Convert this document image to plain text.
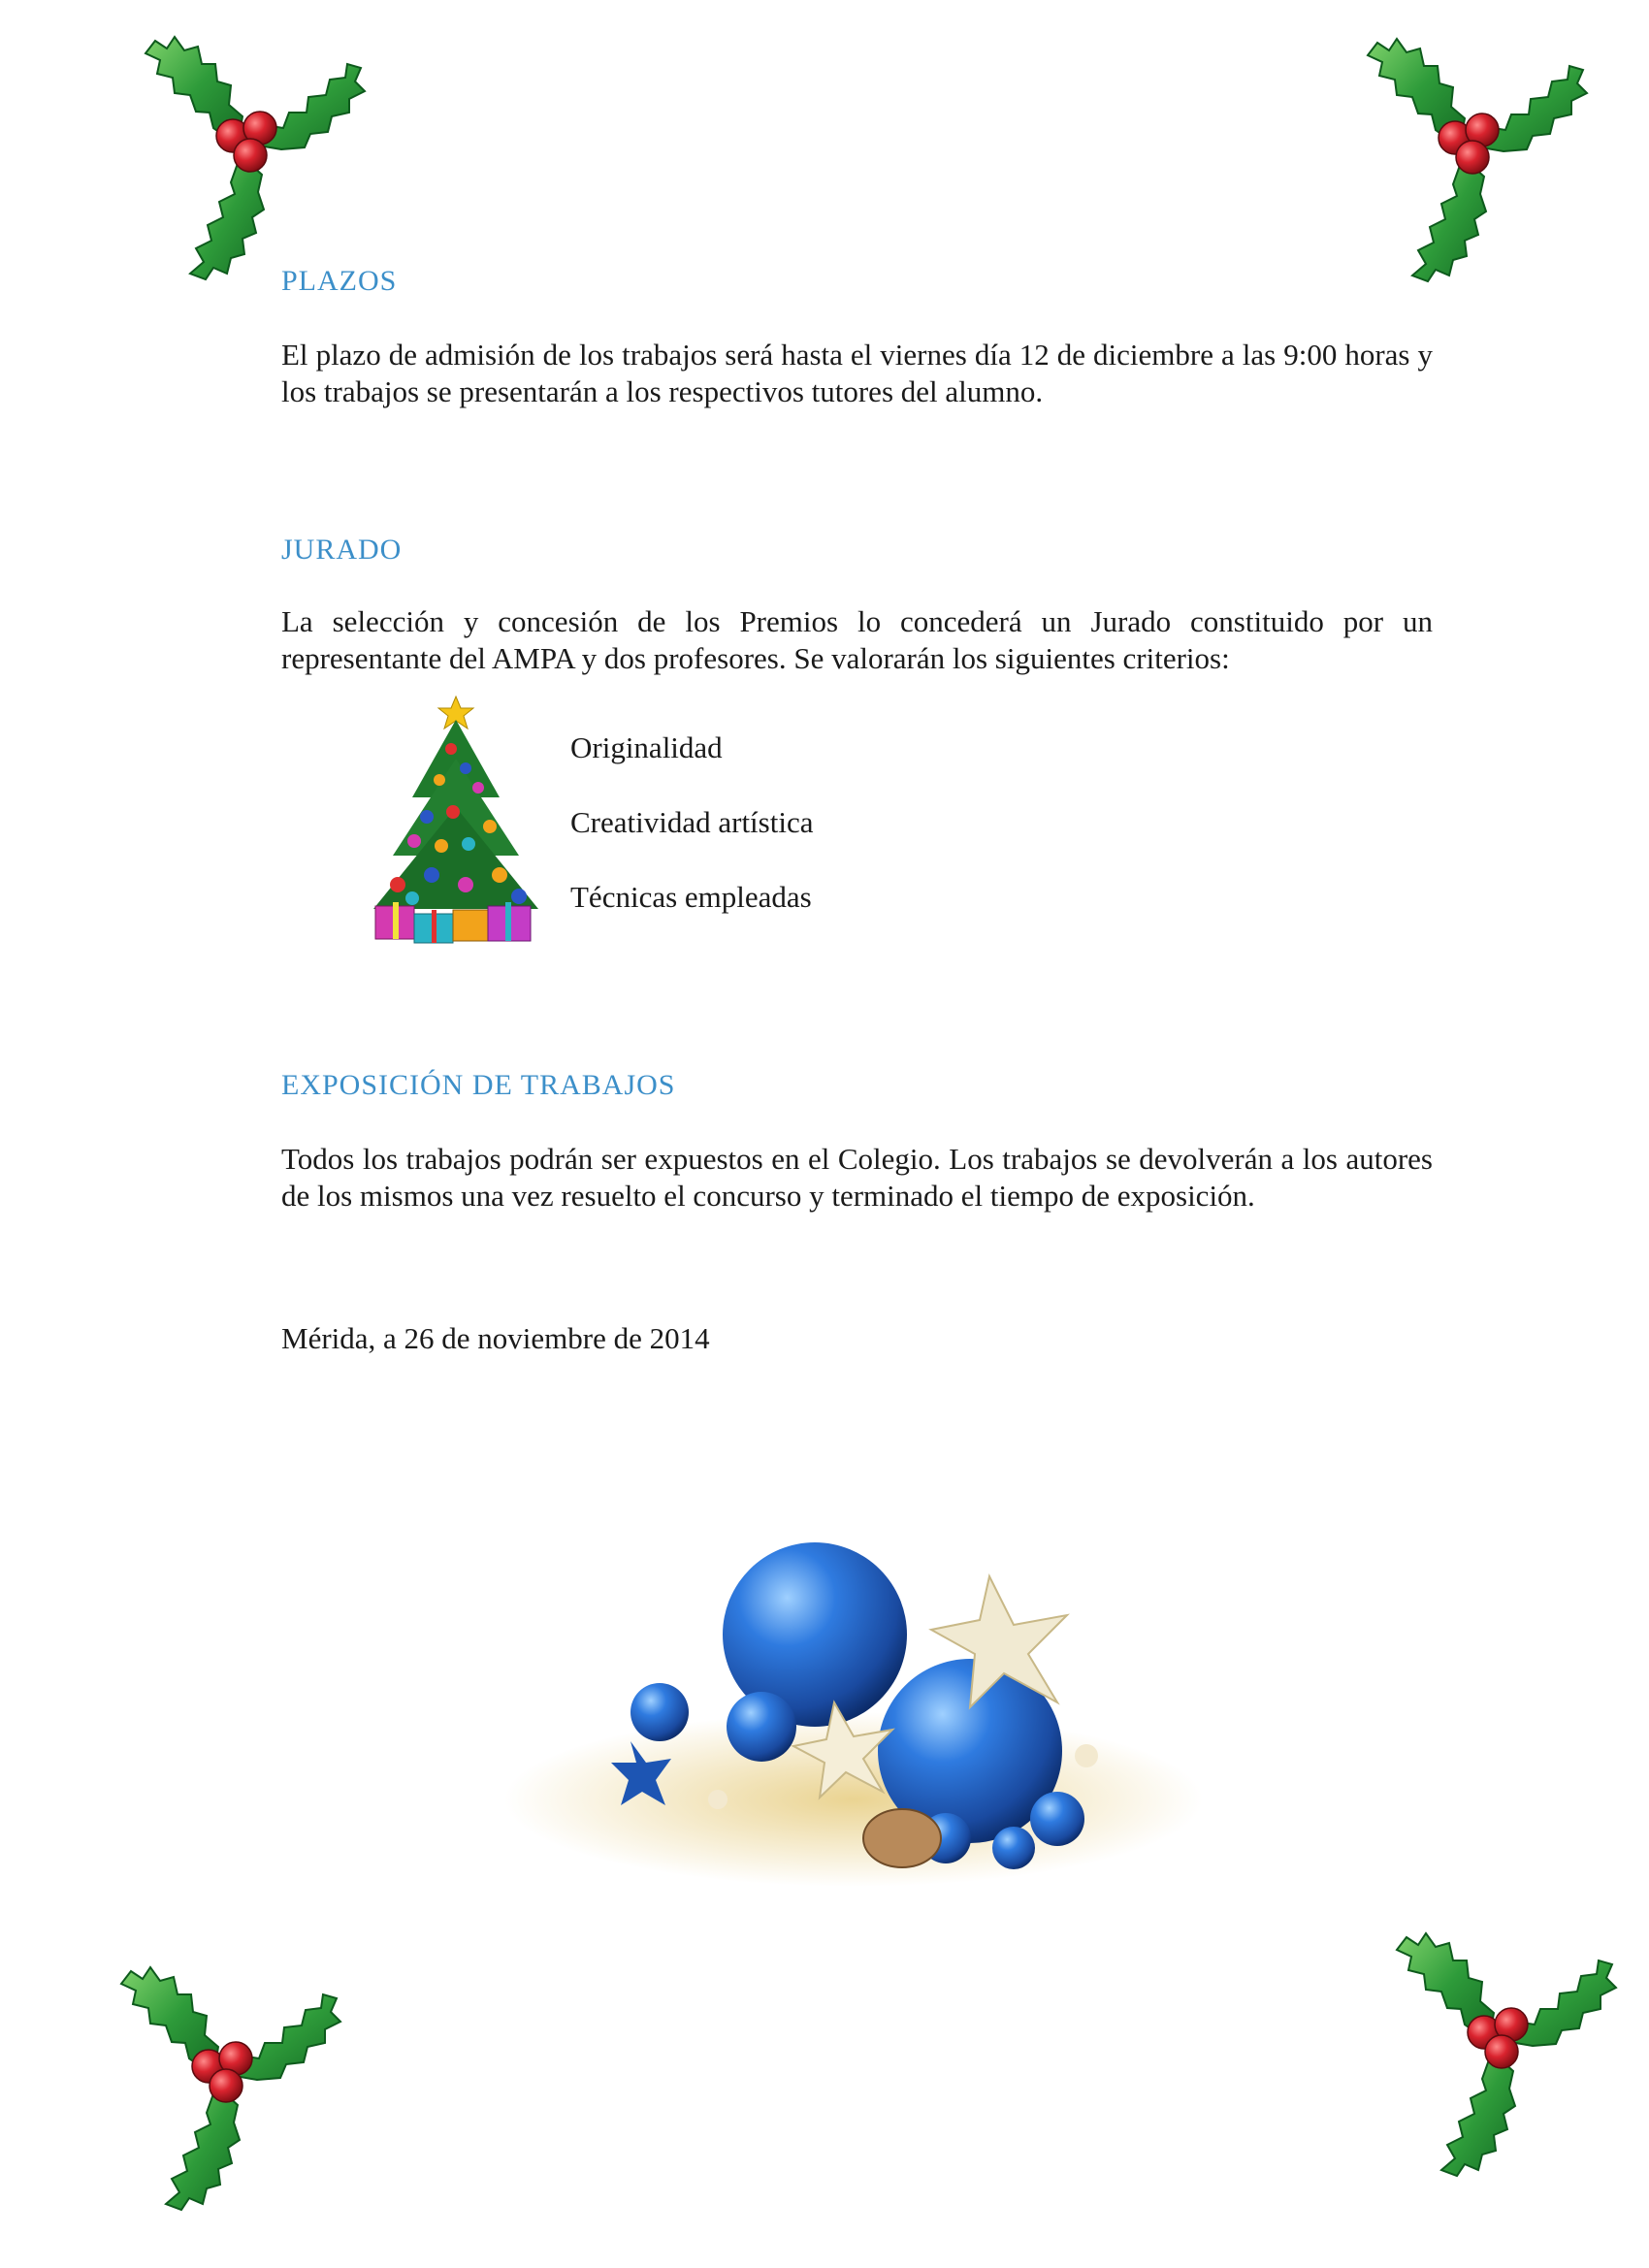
PLAZOS

El plazo de admisión de los trabajos será hasta el viernes día 12 de diciembre a las 9:00 horas y los trabajos se presentarán a los respectivos tutores del alumno.

JURADO

La selección y concesión de los Premios lo concederá un Jurado constituido por un representante del AMPA y dos profesores. Se valorarán los siguientes criterios:

Originalidad

Creatividad artística

Técnicas empleadas

EXPOSICIÓN DE TRABAJOS

Todos los trabajos podrán ser expuestos en el Colegio. Los trabajos se devolverán a los autores de los mismos una vez resuelto el concurso y terminado el tiempo de exposición.

Mérida, a 26 de noviembre de 2014
